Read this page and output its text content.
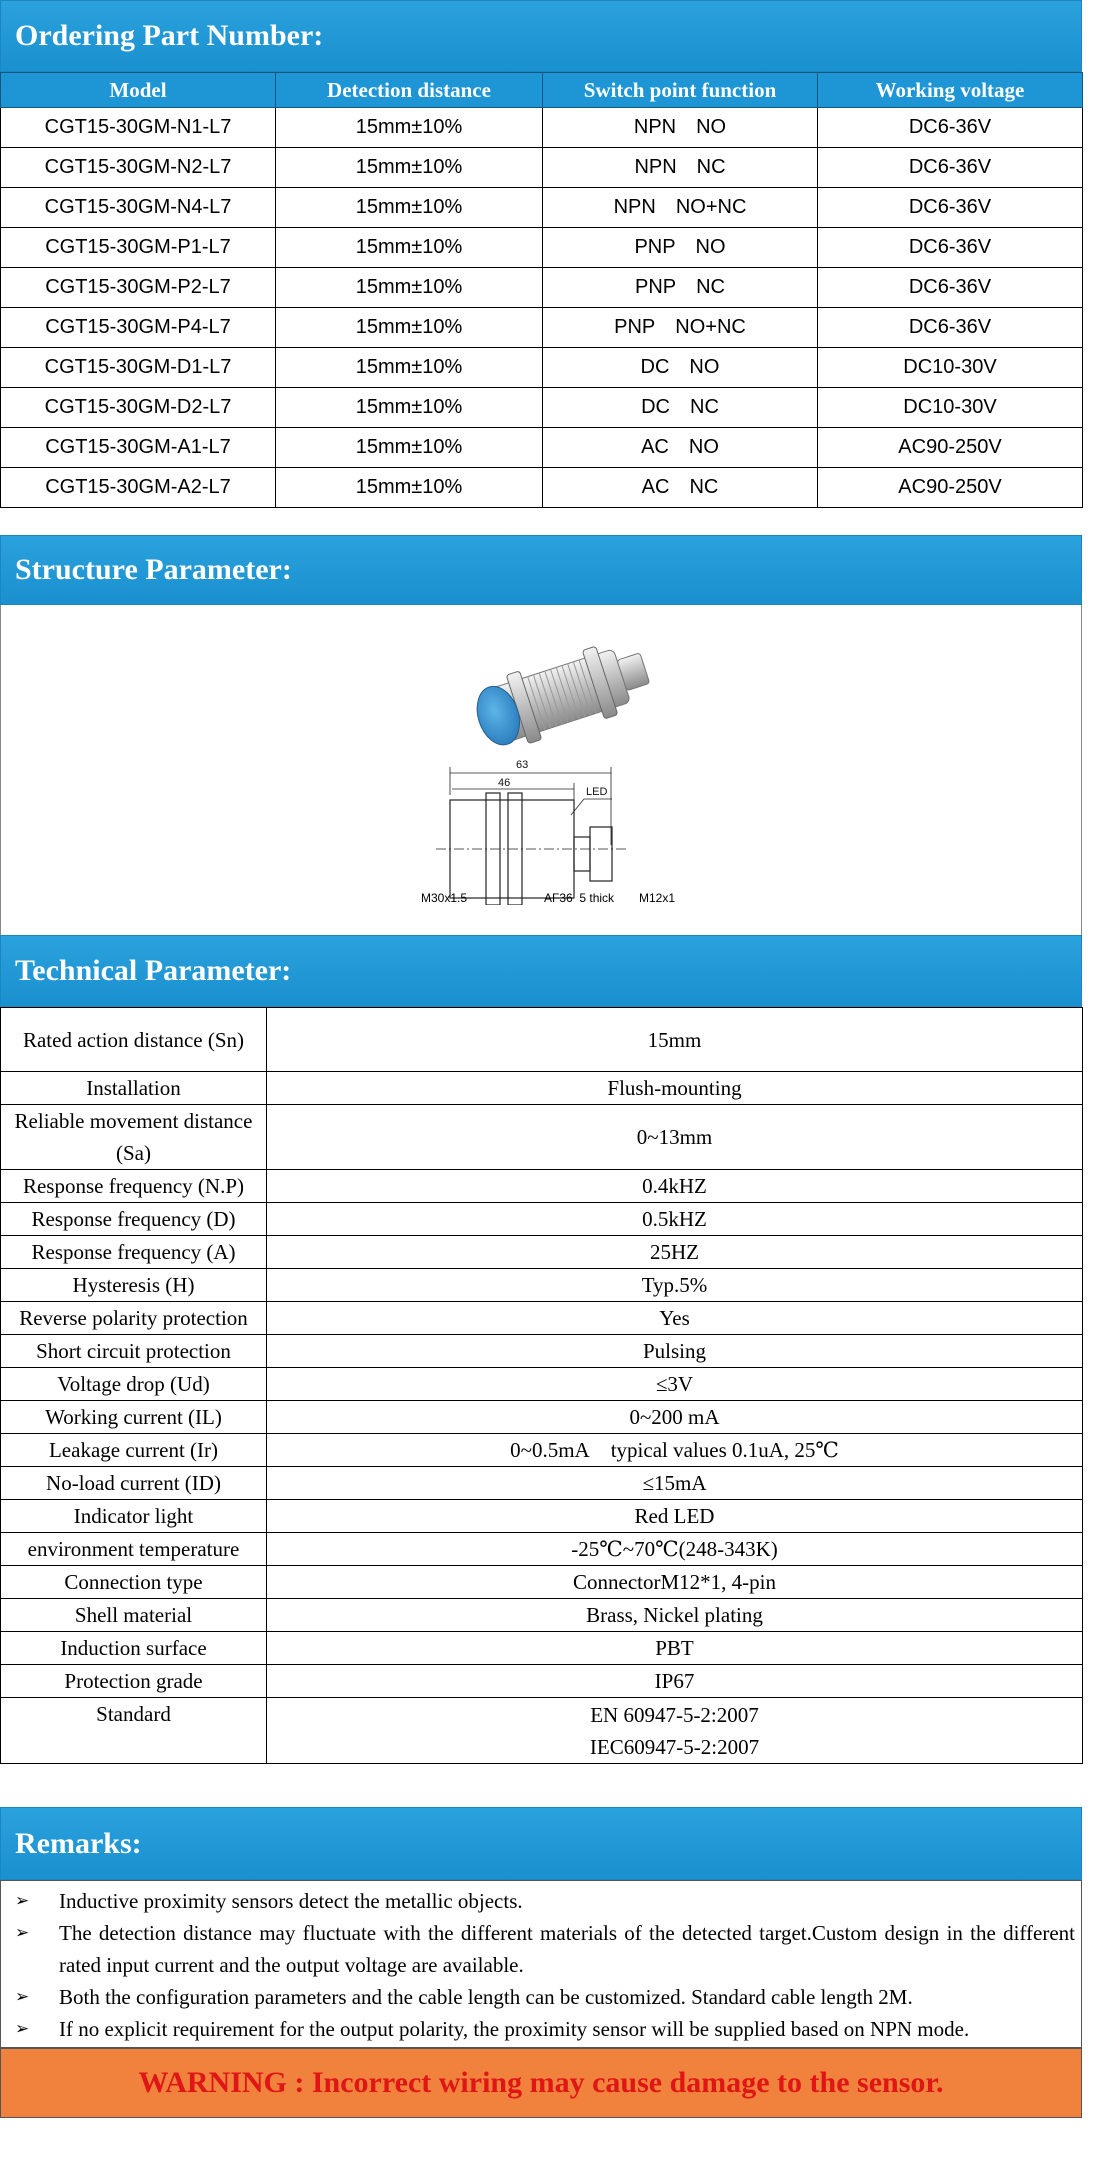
Ordering Part Number:
Model	Detection distance	Switch point function	Working voltage
CGT15-30GM-N1-L7	15mm±10%	NPN NO	DC6-36V
CGT15-30GM-N2-L7	15mm±10%	NPN NC	DC6-36V
CGT15-30GM-N4-L7	15mm±10%	NPN NO+NC	DC6-36V
CGT15-30GM-P1-L7	15mm±10%	PNP NO	DC6-36V
CGT15-30GM-P2-L7	15mm±10%	PNP NC	DC6-36V
CGT15-30GM-P4-L7	15mm±10%	PNP NO+NC	DC6-36V
CGT15-30GM-D1-L7	15mm±10%	DC NO	DC10-30V
CGT15-30GM-D2-L7	15mm±10%	DC NC	DC10-30V
CGT15-30GM-A1-L7	15mm±10%	AC NO	AC90-250V
CGT15-30GM-A2-L7	15mm±10%	AC NC	AC90-250V
Structure Parameter:
63
46
LED
M30x1.5	AF36  5 thick M12x1
Technical Parameter:
Rated action distance (Sn)	15mm
Installation	Flush-mounting
Reliable movement distance (Sa)	0~13mm
Response frequency (N.P)	0.4kHZ
Response frequency (D)	0.5kHZ
Response frequency (A)	25HZ
Hysteresis (H)	Typ.5%
Reverse polarity protection	Yes
Short circuit protection	Pulsing
Voltage drop (Ud)	≤3V
Working current (IL)	0~200 mA
Leakage current (Ir)	0~0.5mA typical values 0.1uA, 25℃
No-load current (ID)	≤15mA
Indicator light	Red LED
environment temperature	-25℃~70℃(248-343K)
Connection type	ConnectorM12*1, 4-pin
Shell material	Brass, Nickel plating
Induction surface	PBT
Protection grade	IP67
Standard	EN 60947-5-2:2007
IEC60947-5-2:2007
Remarks:
➢	Inductive proximity sensors detect the metallic objects.
➢	The detection distance may fluctuate with the different materials of the detected target.Custom design in the different rated input current and the output voltage are available.
➢	Both the configuration parameters and the cable length can be customized. Standard cable length 2M.
➢	If no explicit requirement for the output polarity, the proximity sensor will be supplied based on NPN mode.
WARNING : Incorrect wiring may cause damage to the sensor.
